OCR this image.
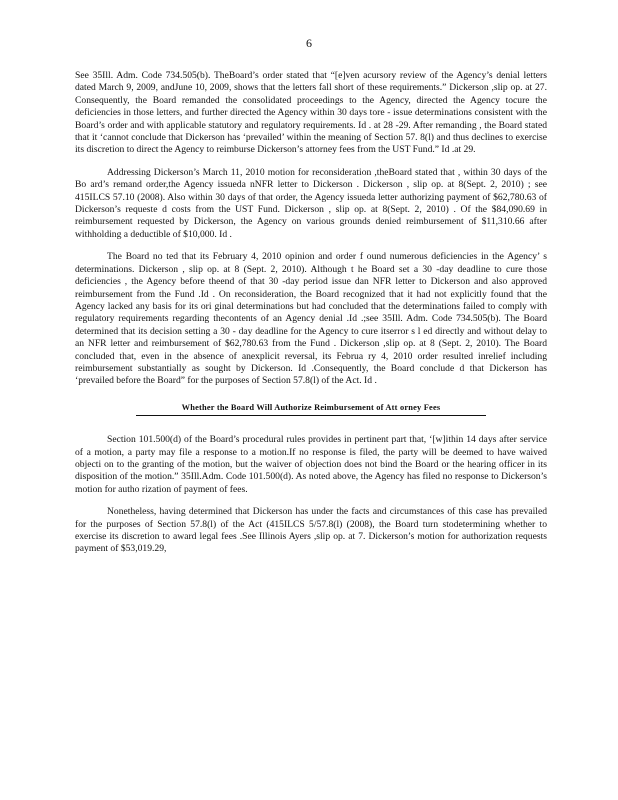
6

See 35Ill. Adm. Code 734.505(b). TheBoard’s order stated that “[e]ven acursory review of the Agency’s denial letters dated March 9, 2009, andJune 10, 2009, shows that the letters fall short of these requirements.” Dickerson ,slip op. at 27. Consequently, the Board remanded the consolidated proceedings to the Agency, directed the Agency tocure the deficiencies in those letters, and further directed the Agency within 30 days tore - issue determinations consistent with the Board’s order and with applicable statutory and regulatory requirements. Id . at 28 -29. After remanding , the Board stated that it ‘cannot conclude that Dickerson has ‘prevailed’ within the meaning of Section 57. 8(l) and thus declines to exercise its discretion to direct the Agency to reimburse Dickerson’s attorney fees from the UST Fund.” Id .at 29.

Addressing Dickerson’s March 11, 2010 motion for reconsideration ,theBoard stated that , within 30 days of the Bo ard’s remand order,the Agency issueda nNFR letter to Dickerson . Dickerson , slip op. at 8(Sept. 2, 2010) ; see 415ILCS 57.10 (2008). Also within 30 days of that order, the Agency issueda letter authorizing payment of $62,780.63 of Dickerson’s requeste d costs from the UST Fund. Dickerson , slip op. at 8(Sept. 2, 2010) . Of the $84,090.69 in reimbursement requested by Dickerson, the Agency on various grounds denied reimbursement of $11,310.66 after withholding a deductible of $10,000. Id .

The Board no ted that its February 4, 2010 opinion and order f ound numerous deficiencies in the Agency’ s determinations. Dickerson , slip op. at 8 (Sept. 2, 2010). Although t he Board set a 30 -day deadline to cure those deficiencies , the Agency before theend of that 30 -day period issue dan NFR letter to Dickerson and also approved reimbursement from the Fund .Id . On reconsideration, the Board recognized that it had not explicitly found that the Agency lacked any basis for its ori ginal determinations but had concluded that the determinations failed to comply with regulatory requirements regarding thecontents of an Agency denial .Id .;see 35Ill. Adm. Code 734.505(b). The Board determined that its decision setting a 30 - day deadline for the Agency to cure itserror s l ed directly and without delay to an NFR letter and reimbursement of $62,780.63 from the Fund . Dickerson ,slip op. at 8 (Sept. 2, 2010). The Board concluded that, even in the absence of anexplicit reversal, its Februa ry 4, 2010 order resulted inrelief including reimbursement substantially as sought by Dickerson. Id .Consequently, the Board conclude d that Dickerson has ‘prevailed before the Board” for the purposes of Section 57.8(l) of the Act. Id .

Whether the Board Will Authorize Reimbursement of Att orney Fees

Section 101.500(d) of the Board’s procedural rules provides in pertinent part that, ‘[w]ithin 14 days after service of a motion, a party may file a response to a motion.If no response is filed, the party will be deemed to have waived objecti on to the granting of the motion, but the waiver of objection does not bind the Board or the hearing officer in its disposition of the motion.” 35Ill.Adm. Code 101.500(d). As noted above, the Agency has filed no response to Dickerson’s motion for autho rization of payment of fees.

Nonetheless, having determined that Dickerson has under the facts and circumstances of this case has prevailed for the purposes of Section 57.8(l) of the Act (415ILCS 5/57.8(l) (2008), the Board turn stodetermining whether to exercise its discretion to award legal fees .See Illinois Ayers ,slip op. at 7. Dickerson’s motion for authorization requests payment of $53,019.29,
